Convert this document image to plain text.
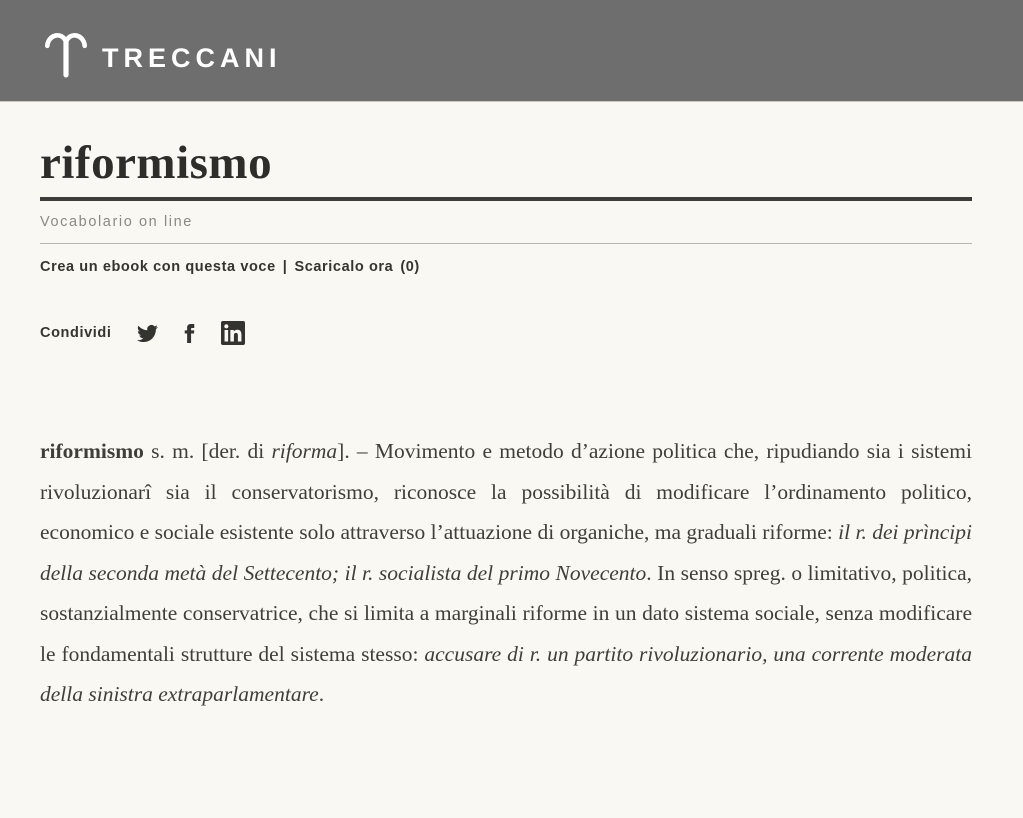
TRECCANI
riformismo
Vocabolario on line
Crea un ebook con questa voce | Scaricalo ora (0)
Condividi

riformismo s. m. [der. di riforma]. – Movimento e metodo d’azione politica che, ripudiando sia i sistemi rivoluzionarî sia il conservatorismo, riconosce la possibilità di modificare l’ordinamento politico, economico e sociale esistente solo attraverso l’attuazione di organiche, ma graduali riforme: il r. dei prìncipi della seconda metà del Settecento; il r. socialista del primo Novecento. In senso spreg. o limitativo, politica, sostanzialmente conservatrice, che si limita a marginali riforme in un dato sistema sociale, senza modificare le fondamentali strutture del sistema stesso: accusare di r. un partito rivoluzionario, una corrente moderata della sinistra extraparlamentare.
